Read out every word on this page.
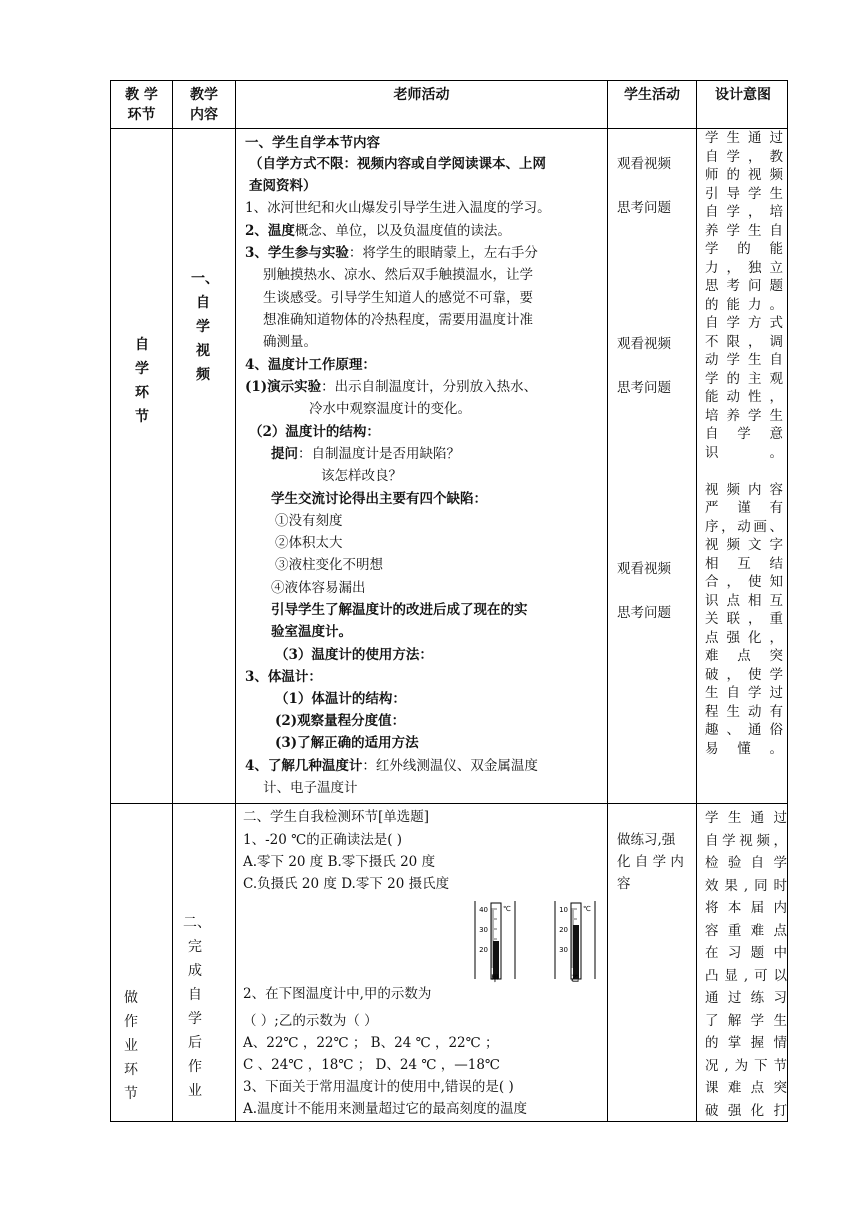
教 学
环节
教学
内容
老师活动	学生活动	设计意图
自
学
环
节
一、
自
学
视
频
一、学生自学本节内容
（自学方式不限：视频内容或自学阅读课本、上网
查阅资料）
1、冰河世纪和火山爆发引导学生进入温度的学习。
2、温度概念、单位，以及负温度值的读法。
3、学生参与实验：将学生的眼睛蒙上，左右手分
别触摸热水、凉水、然后双手触摸温水，让学
生谈感受。引导学生知道人的感觉不可靠，要
想准确知道物体的冷热程度，需要用温度计准
确测量。
4、温度计工作原理：
(1)演示实验：出示自制温度计，分别放入热水、
冷水中观察温度计的变化。
（2）温度计的结构：
提问：自制温度计是否用缺陷？
该怎样改良？
学生交流讨论得出主要有四个缺陷：
①没有刻度
②体积太大
③液柱变化不明想
④液体容易漏出
引导学生了解温度计的改进后成了现在的实
验室温度计。
（3）温度计的使用方法：
3、体温计：
（1）体温计的结构：
(2)观察量程分度值：
(3)了解正确的适用方法
4、了解几种温度计：红外线测温仪、双金属温度
计、电子温度计
观看视频
思考问题
观看视频
思考问题
观看视频
思考问题
学生通过
自学，教
师的视频
引导学生
自学，培
养学生自
学 的 能
力，独立
思考问题
的能力。
自学方式
不限，调
动学生自
学的主观
能动性，
培养学生
自 学 意
识。

视频内容
严 谨 有
序，动画、
视频文字
相 互 结
合，使知
识点相互
关联，重
点强化，
难 点 突
破，使学
生自学过
程生动有
趣、通俗
易懂。
做
作
业
环
节
二、
完
成
自
学
后
作
业
二、学生自我检测环节[单选题]
1、-20 ℃的正确读法是( )
A.零下 20 度 B.零下摄氏 20 度
C.负摄氏 20 度 D.零下 20 摄氏度
2、在下图温度计中,甲的示数为
（ ）;乙的示数为（ ）
A、22℃ ，22℃ ； B、24 ℃ ，22℃ ；
C 、24℃ ，18℃ ； D、24 ℃ ，—18℃
3、下面关于常用温度计的使用中,错误的是( )
A.温度计不能用来测量超过它的最高刻度的温度
做练习,强
化 自 学 内
容
学生通过
自学视频，
检验自学
效果,同时
将本届内
容重难点
在习题中
凸显,可以
通过练习
了解学生
的掌握情
况,为下节
课难点突
破强化打
40
30
20
℃
甲
10
20
30
℃
乙
